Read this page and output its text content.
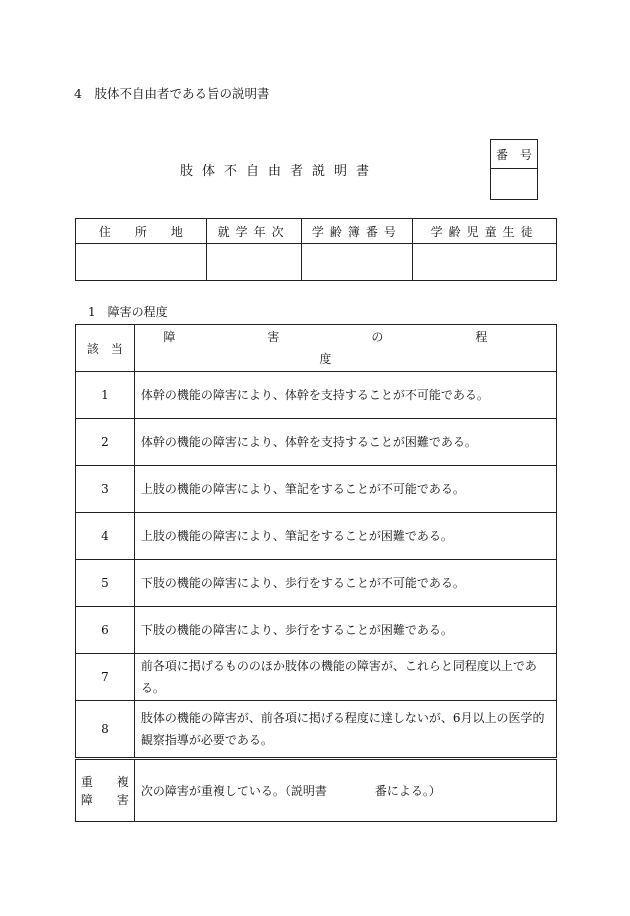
4　肢体不自由者である旨の説明書
肢体不自由者説明書
番　号

住　　所　　地	就学年次	学齢簿番号	学齢児童生徒

1　障害の程度
該　当	障　害　の　程　度
1	体幹の機能の障害により、体幹を支持することが不可能である。
2	体幹の機能の障害により、体幹を支持することが困難である。
3	上肢の機能の障害により、筆記をすることが不可能である。
4	上肢の機能の障害により、筆記をすることが困難である。
5	下肢の機能の障害により、歩行をすることが不可能である。
6	下肢の機能の障害により、歩行をすることが困難である。
7	前各項に掲げるもののほか肢体の機能の障害が、これらと同程度以上である。
8	肢体の機能の障害が、前各項に掲げる程度に達しないが、6月以上の医学的観察指導が必要である。

重　　複
障　　害	次の障害が重複している。（説明書　　　　番による。）
